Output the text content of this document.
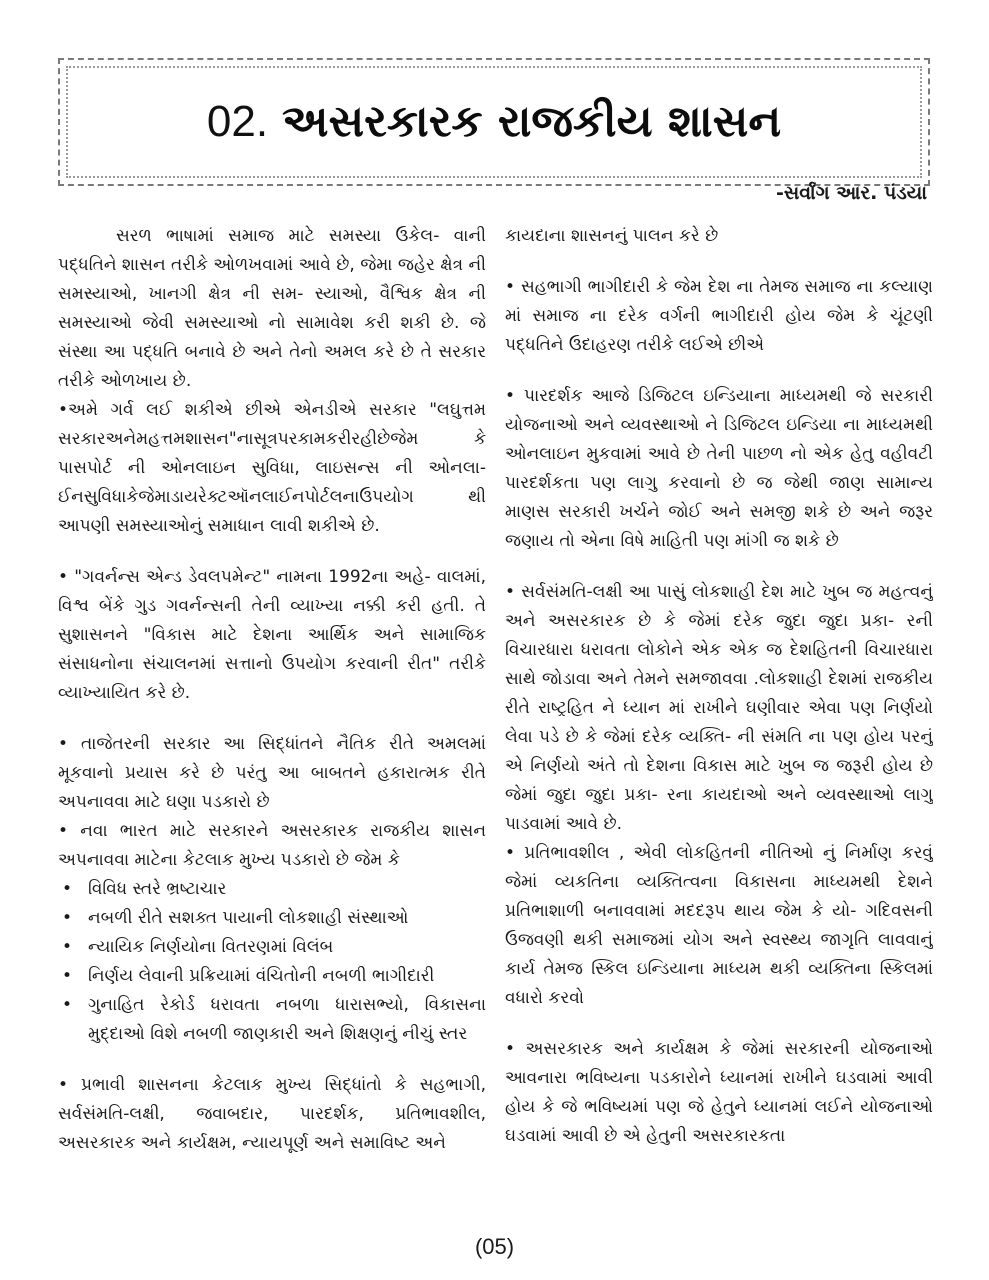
02. અસરકારક રાજકીય શાસન
-સર્વાંગ આર. પંડયા

સરળ ભાષામાં સમાજ માટે સમસ્યા ઉકેલ- વાની પદ્ધતિને શાસન તરીકે ઓળખવામાં આવે છે, જેમા જહેર ક્ષેત્ર ની સમસ્યાઓ, ખાનગી ક્ષેત્ર ની સમ- સ્યાઓ, વૈશ્વિક ક્ષેત્ર ની સમસ્યાઓ જેવી સમસ્યાઓ નો સામાવેશ કરી શકી છે. જે સંસ્થા આ પદ્ધતિ બનાવે છે અને તેનો અમલ કરે છે તે સરકાર તરીકે ઓળખાય છે.

•અમે ગર્વ લઈ શકીએ છીએ એનડીએ સરકાર "લઘુત્તમ સરકારઅનેમહત્તમશાસન"નાસૂત્રપરકામકરીરહીછેજેમ કે પાસપોર્ટ ની ઓનલાઇન સુવિધા, લાઇસન્સ ની ઓનલા- ઈનસુવિધાકેજેમાડાયરેક્ટઑનલાઈનપોર્ટલનાઉપયોગ થી આપણી સમસ્યાઓનું સમાધાન લાવી શકીએ છે.

• "ગવર્નન્સ એન્ડ ડેવલપમેન્ટ" નામના 1992ના અહે- વાલમાં, વિશ્વ બેંકે ગુડ ગવર્નન્સની તેની વ્યાખ્યા નક્કી કરી હતી. તે સુશાસનને "વિકાસ માટે દેશના આર્થિક અને સામાજિક સંસાધનોના સંચાલનમાં સત્તાનો ઉપયોગ કરવાની રીત" તરીકે વ્યાખ્યાયિત કરે છે.

• તાજેતરની સરકાર આ સિદ્ધાંતને નૈતિક રીતે અમલમાં મૂકવાનો પ્રયાસ કરે છે પરંતુ આ બાબતને હકારાત્મક રીતે અપનાવવા માટે ઘણા પડકારો છે

• નવા ભારત માટે સરકારને અસરકારક રાજકીય શાસન અપનાવવા માટેના કેટલાક મુખ્ય પડકારો છે જેમ કે

• વિવિધ સ્તરે ભ્રષ્ટાચાર
• નબળી રીતે સશક્ત પાયાની લોકશાહી સંસ્થાઓ
• ન્યાયિક નિર્ણયોના વિતરણમાં વિલંબ
• નિર્ણય લેવાની પ્રક્રિયામાં વંચિતોની નબળી ભાગીદારી
• ગુનાહિત રેકોર્ડ ધરાવતા નબળા ધારાસભ્યો, વિકાસના મુદ્દાઓ વિશે નબળી જાણકારી અને શિક્ષણનું નીચું સ્તર

• પ્રભાવી શાસનના કેટલાક મુખ્ય સિદ્ધાંતો કે સહભાગી, સર્વસંમતિ-લક્ષી, જવાબદાર, પારદર્શક, પ્રતિભાવશીલ, અસરકારક અને કાર્યક્ષમ, ન્યાયપૂર્ણ અને સમાવિષ્ટ અને

કાયદાના શાસનનું પાલન કરે છે

• સહભાગી ભાગીદારી કે જેમ દેશ ના તેમજ સમાજ ના કલ્યાણ માં સમાજ ના દરેક વર્ગની ભાગીદારી હોય જેમ કે ચૂંટણી પદ્ધતિને ઉદાહરણ તરીકે લઈએ છીએ

• પારદર્શક આજે ડિજિટલ ઇન્ડિયાના માધ્યમથી જે સરકારી યોજનાઓ અને વ્યવસ્થાઓ ને ડિજિટલ ઇન્ડિયા ના માધ્યમથી ઓનલાઇન મુકવામાં આવે છે તેની પાછળ નો એક હેતુ વહીવટી પારદર્શકતા પણ લાગુ કરવાનો છે જ જેથી જાણ સામાન્ય માણસ સરકારી ખર્ચને જોઈ અને સમજી શકે છે અને જરૂર જણાય તો એના વિષે માહિતી પણ માંગી જ શકે છે

• સર્વસંમતિ-લક્ષી આ પાસું લોકશાહી દેશ માટે ખુબ જ મહત્વનું અને અસરકારક છે કે જેમાં દરેક જુદા જુદા પ્રકા- રની વિચારધારા ધરાવતા લોકોને એક એક જ દેશહિતની વિચારધારા સાથે જોડાવા અને તેમને સમજાવવા .લોકશાહી દેશમાં રાજકીય રીતે રાષ્ટ્રહિત ને ધ્યાન માં રાખીને ઘણીવાર એવા પણ નિર્ણયો લેવા પડે છે કે જેમાં દરેક વ્યક્તિ- ની સંમતિ ના પણ હોય પરનું એ નિર્ણયો અંતે તો દેશના વિકાસ માટે ખુબ જ જરૂરી હોય છે જેમાં જુદા જુદા પ્રકા- રના કાયદાઓ અને વ્યવસ્થાઓ લાગુ પાડવામાં આવે છે.

• પ્રતિભાવશીલ , એવી લોકહિતની નીતિઓ નું નિર્માણ કરવું જેમાં વ્યકતિના વ્યક્તિત્વના વિકાસના માધ્યમથી દેશને પ્રતિભાશાળી બનાવવામાં મદદરૂપ થાય જેમ કે યો- ગદિવસની ઉજવણી થકી સમાજમાં યોગ અને સ્વસ્થ્ય જાગૃતિ લાવવાનું કાર્ય તેમજ સ્કિલ ઇન્ડિયાના માધ્યમ થકી વ્યક્તિના સ્કિલમાં વધારો કરવો

• અસરકારક અને કાર્યક્ષમ કે જેમાં સરકારની યોજનાઓ આવનારા ભવિષ્યના પડકારોને ધ્યાનમાં રાખીને ઘડવામાં આવી હોય કે જે ભવિષ્યમાં પણ જે હેતુને ધ્યાનમાં લઈને યોજનાઓ ઘડવામાં આવી છે એ હેતુની અસરકારકતા

(05)
